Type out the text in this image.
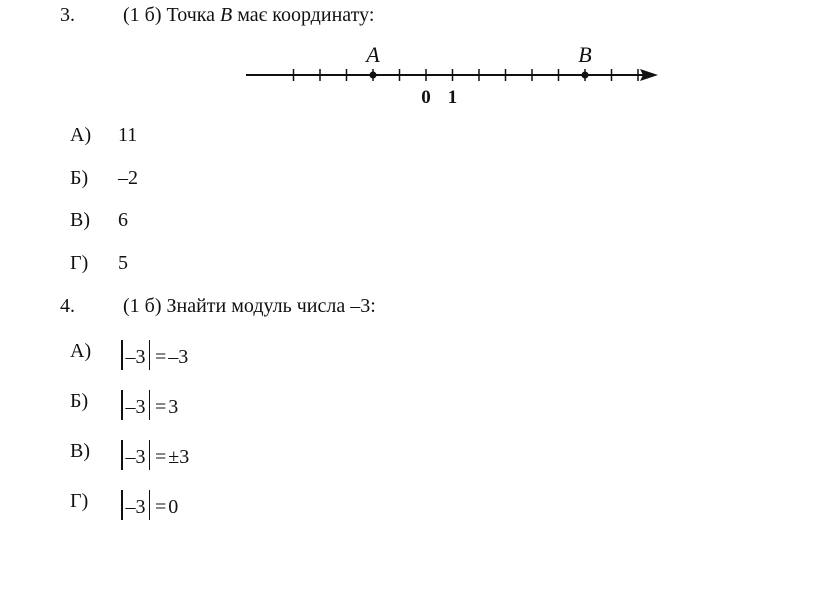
3. (1 б) Точка B має координату:
A	B
0 1
А) 11
Б) –2
В) 6
Г) 5
4. (1 б) Знайти модуль числа –3:
А)	–3 = –3
Б)	–3 = 3
В)	–3 = ±3
Г)	–3 = 0
